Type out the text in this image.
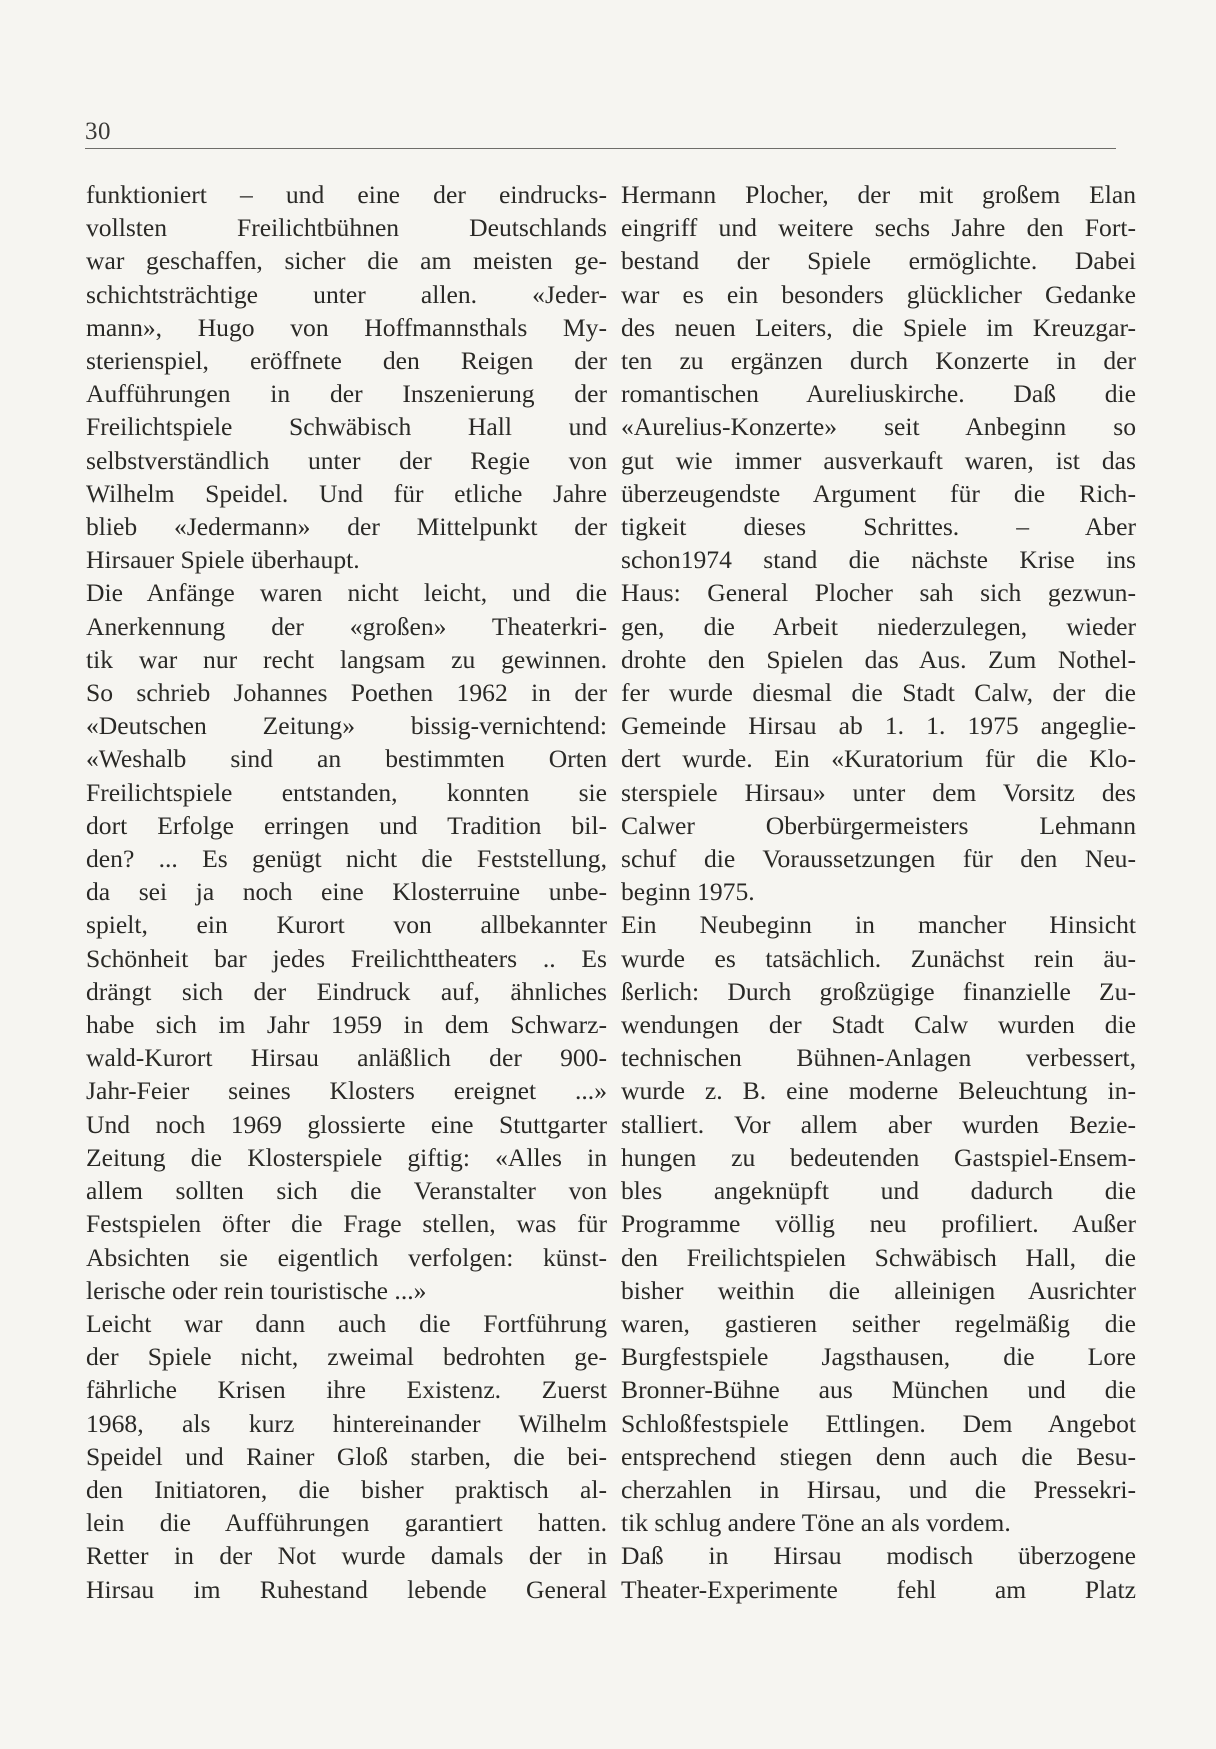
30
funktioniert – und eine der eindrucks-
vollsten Freilichtbühnen Deutschlands
war geschaffen, sicher die am meisten ge-
schichtsträchtige unter allen. «Jeder-
mann», Hugo von Hoffmannsthals My-
sterienspiel, eröffnete den Reigen der
Aufführungen in der Inszenierung der
Freilichtspiele Schwäbisch Hall und
selbstverständlich unter der Regie von
Wilhelm Speidel. Und für etliche Jahre
blieb «Jedermann» der Mittelpunkt der
Hirsauer Spiele überhaupt.
Die Anfänge waren nicht leicht, und die
Anerkennung der «großen» Theaterkri-
tik war nur recht langsam zu gewinnen.
So schrieb Johannes Poethen 1962 in der
«Deutschen Zeitung» bissig-vernichtend:
«Weshalb sind an bestimmten Orten
Freilichtspiele entstanden, konnten sie
dort Erfolge erringen und Tradition bil-
den? ... Es genügt nicht die Feststellung,
da sei ja noch eine Klosterruine unbe-
spielt, ein Kurort von allbekannter
Schönheit bar jedes Freilichttheaters .. Es
drängt sich der Eindruck auf, ähnliches
habe sich im Jahr 1959 in dem Schwarz-
wald-Kurort Hirsau anläßlich der 900-
Jahr-Feier seines Klosters ereignet ...»
Und noch 1969 glossierte eine Stuttgarter
Zeitung die Klosterspiele giftig: «Alles in
allem sollten sich die Veranstalter von
Festspielen öfter die Frage stellen, was für
Absichten sie eigentlich verfolgen: künst-
lerische oder rein touristische ...»
Leicht war dann auch die Fortführung
der Spiele nicht, zweimal bedrohten ge-
fährliche Krisen ihre Existenz. Zuerst
1968, als kurz hintereinander Wilhelm
Speidel und Rainer Gloß starben, die bei-
den Initiatoren, die bisher praktisch al-
lein die Aufführungen garantiert hatten.
Retter in der Not wurde damals der in
Hirsau im Ruhestand lebende General
Hermann Plocher, der mit großem Elan
eingriff und weitere sechs Jahre den Fort-
bestand der Spiele ermöglichte. Dabei
war es ein besonders glücklicher Gedanke
des neuen Leiters, die Spiele im Kreuzgar-
ten zu ergänzen durch Konzerte in der
romantischen Aureliuskirche. Daß die
«Aurelius-Konzerte» seit Anbeginn so
gut wie immer ausverkauft waren, ist das
überzeugendste Argument für die Rich-
tigkeit dieses Schrittes. – Aber
schon1974 stand die nächste Krise ins
Haus: General Plocher sah sich gezwun-
gen, die Arbeit niederzulegen, wieder
drohte den Spielen das Aus. Zum Nothel-
fer wurde diesmal die Stadt Calw, der die
Gemeinde Hirsau ab 1. 1. 1975 angeglie-
dert wurde. Ein «Kuratorium für die Klo-
sterspiele Hirsau» unter dem Vorsitz des
Calwer Oberbürgermeisters Lehmann
schuf die Voraussetzungen für den Neu-
beginn 1975.
Ein Neubeginn in mancher Hinsicht
wurde es tatsächlich. Zunächst rein äu-
ßerlich: Durch großzügige finanzielle Zu-
wendungen der Stadt Calw wurden die
technischen Bühnen-Anlagen verbessert,
wurde z. B. eine moderne Beleuchtung in-
stalliert. Vor allem aber wurden Bezie-
hungen zu bedeutenden Gastspiel-Ensem-
bles angeknüpft und dadurch die
Programme völlig neu profiliert. Außer
den Freilichtspielen Schwäbisch Hall, die
bisher weithin die alleinigen Ausrichter
waren, gastieren seither regelmäßig die
Burgfestspiele Jagsthausen, die Lore
Bronner-Bühne aus München und die
Schloßfestspiele Ettlingen. Dem Angebot
entsprechend stiegen denn auch die Besu-
cherzahlen in Hirsau, und die Pressekri-
tik schlug andere Töne an als vordem.
Daß in Hirsau modisch überzogene
Theater-Experimente fehl am Platz
